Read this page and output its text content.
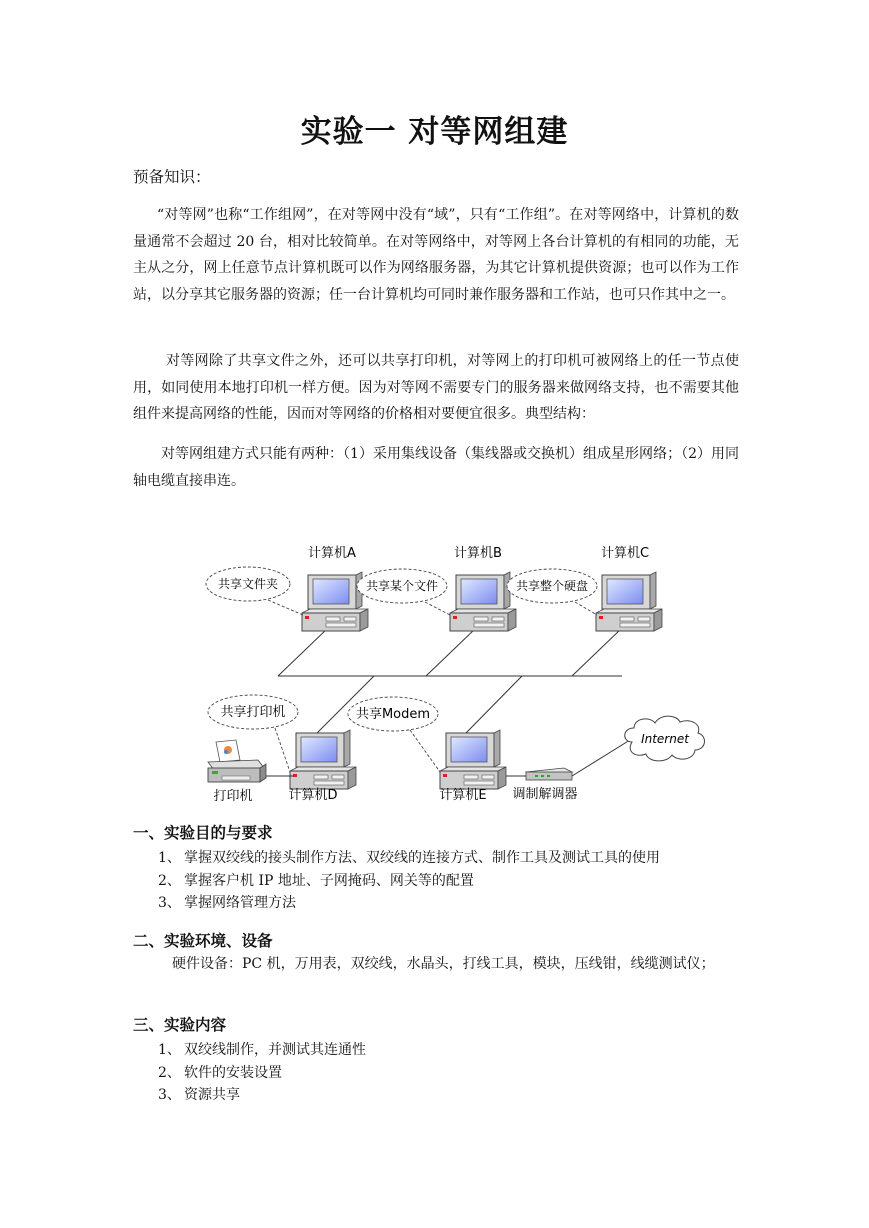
实验一 对等网组建
预备知识：
“对等网”也称“工作组网”，在对等网中没有“域”，只有“工作组”。在对等网络中，计算机的数量通常不会超过 20 台，相对比较简单。在对等网络中，对等网上各台计算机的有相同的功能，无主从之分，网上任意节点计算机既可以作为网络服务器，为其它计算机提供资源；也可以作为工作站，以分享其它服务器的资源；任一台计算机均可同时兼作服务器和工作站，也可只作其中之一。
对等网除了共享文件之外，还可以共享打印机，对等网上的打印机可被网络上的任一节点使用，如同使用本地打印机一样方便。因为对等网不需要专门的服务器来做网络支持，也不需要其他组件来提高网络的性能，因而对等网络的价格相对要便宜很多。典型结构：
对等网组建方式只能有两种：（1）采用集线设备（集线器或交换机）组成星形网络；（2）用同轴电缆直接串连。
计算机A	计算机B	计算机C
计算机D	计算机E
共享文件夹	共享某个文件	共享整个硬盘
共享打印机	共享Modem
打印机	调制解调器
Internet
一、实验目的与要求
1、 掌握双绞线的接头制作方法、双绞线的连接方式、制作工具及测试工具的使用
2、 掌握客户机 IP 地址、子网掩码、网关等的配置
3、 掌握网络管理方法
二、实验环境、设备
硬件设备：PC 机，万用表，双绞线，水晶头，打线工具，模块，压线钳，线缆测试仪；
三、实验内容
1、 双绞线制作，并测试其连通性
2、 软件的安装设置
3、 资源共享
